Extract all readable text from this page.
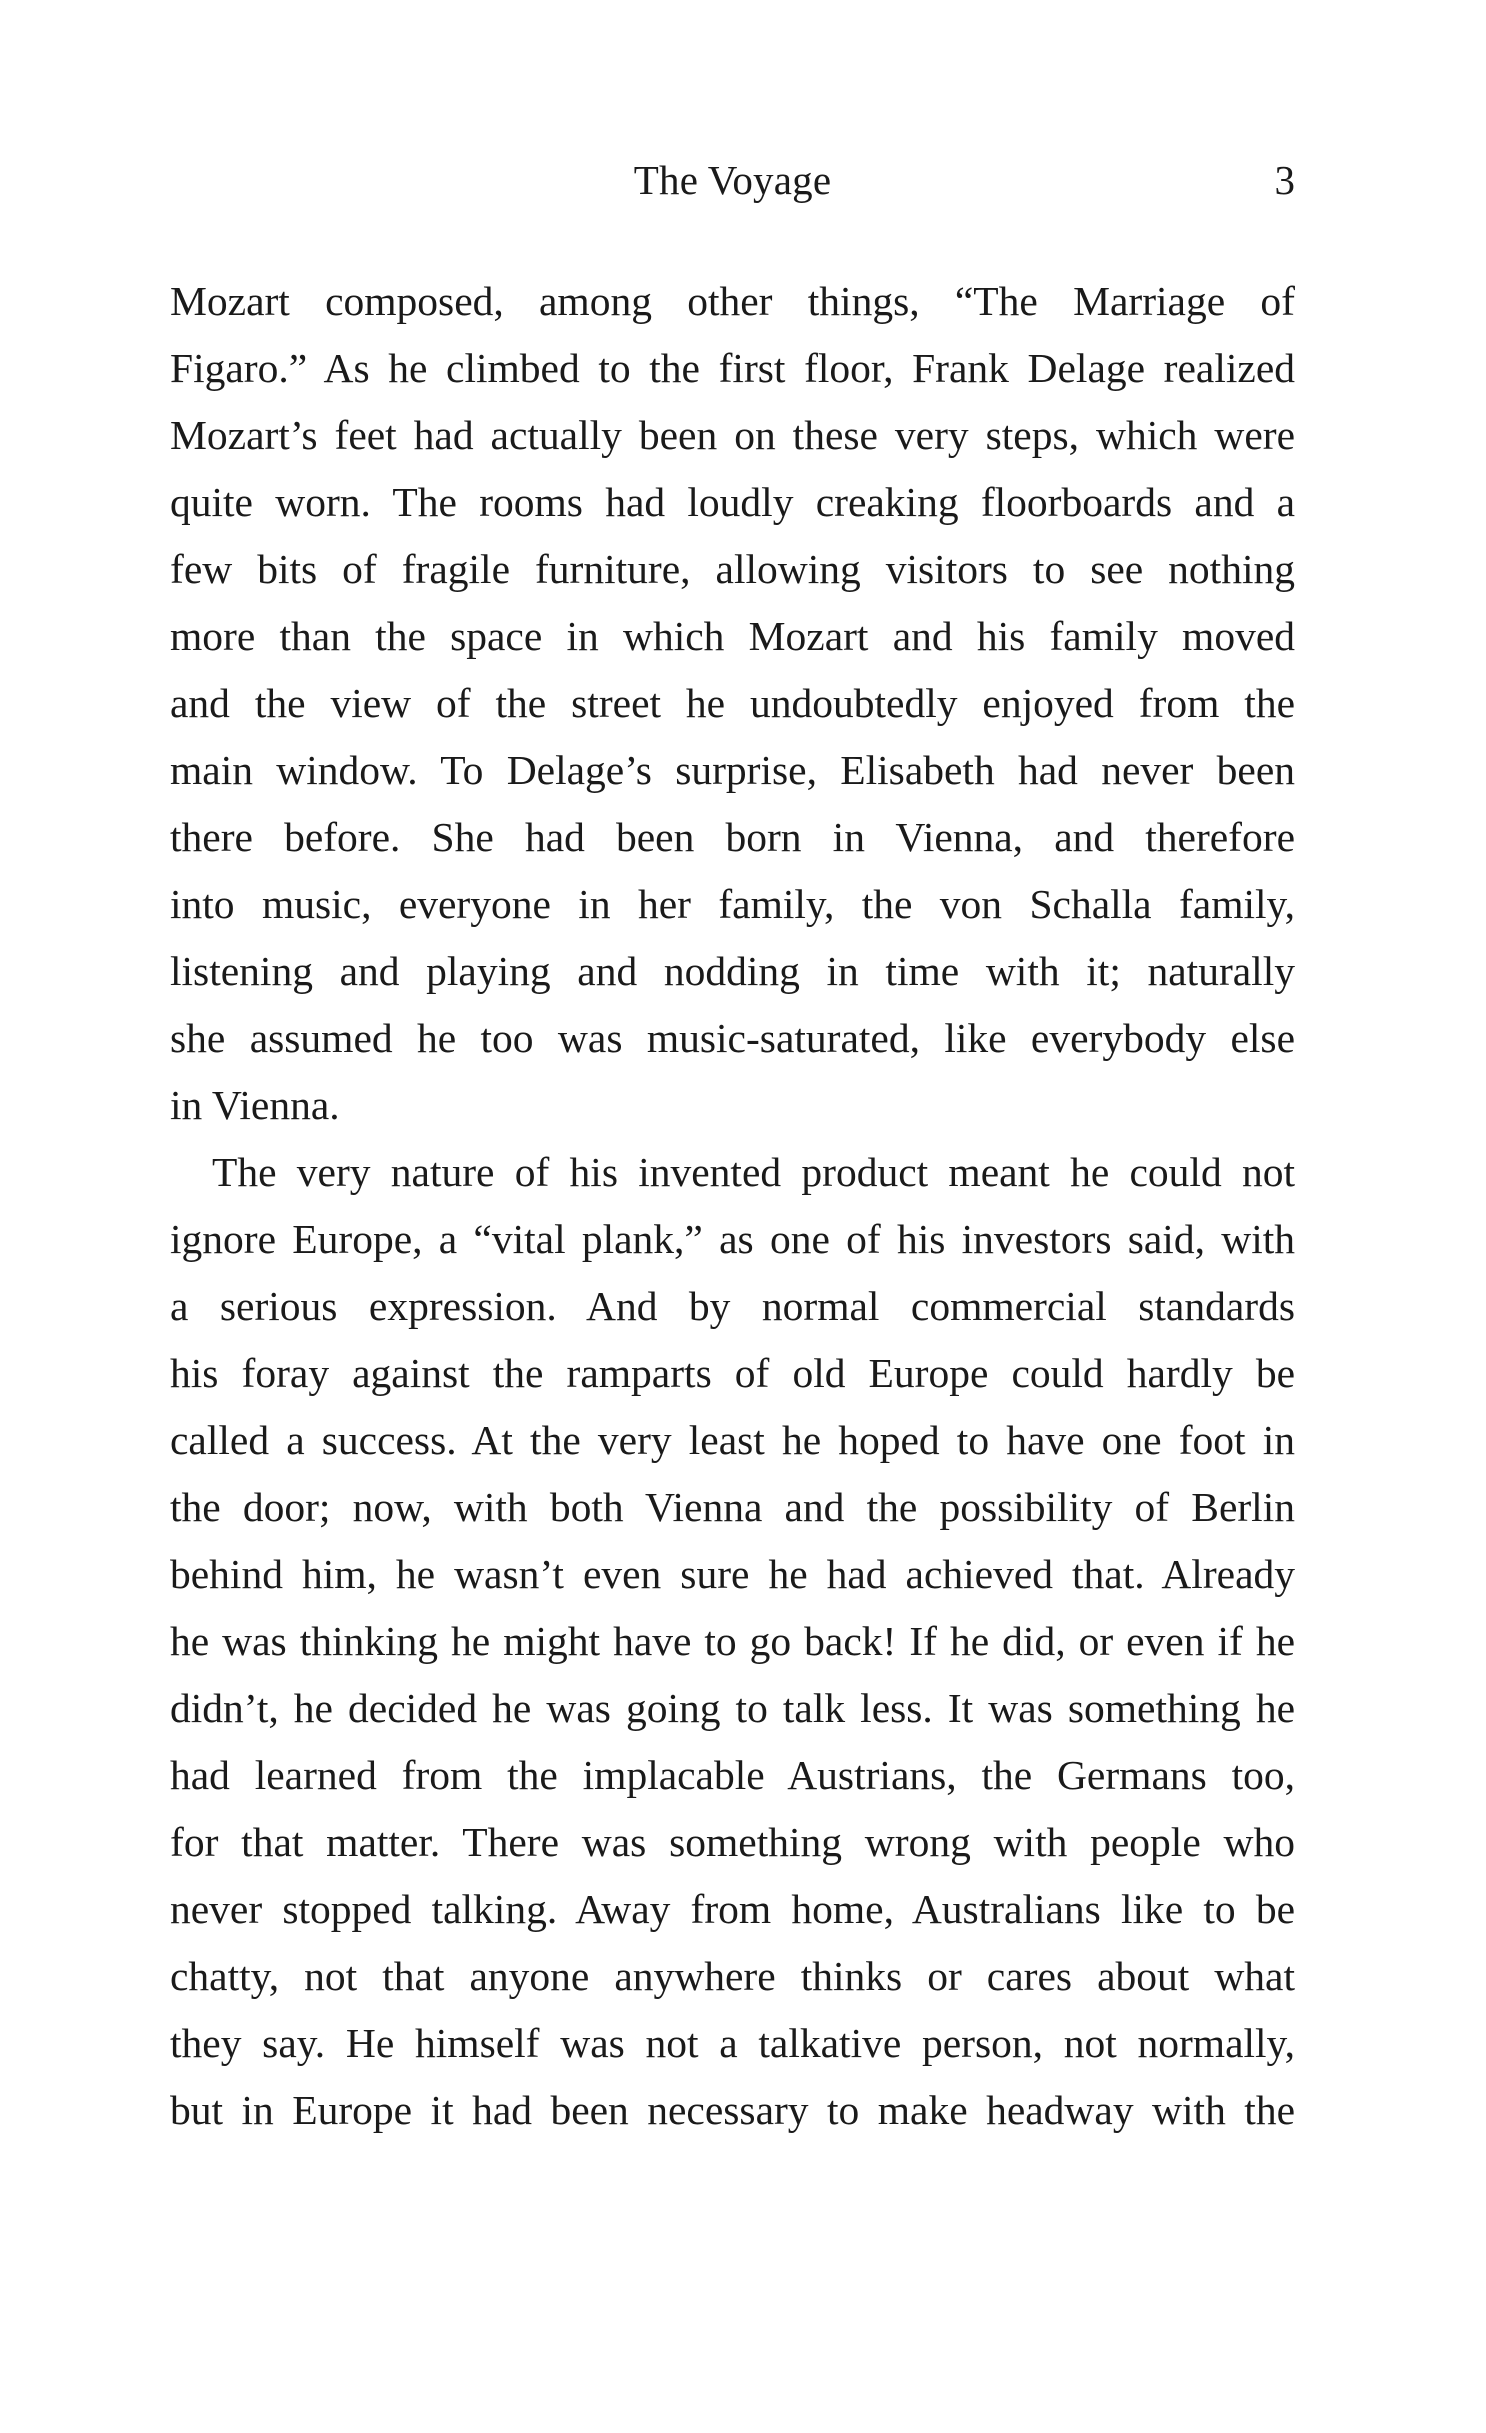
The Voyage	3
Mozart composed, among other things, “The Marriage of
Figaro.” As he climbed to the first floor, Frank Delage realized
Mozart’s feet had actually been on these very steps, which were
quite worn. The rooms had loudly creaking floorboards and a
few bits of fragile furniture, allowing visitors to see nothing
more than the space in which Mozart and his family moved
and the view of the street he undoubtedly enjoyed from the
main window. To Delage’s surprise, Elisabeth had never been
there before. She had been born in Vienna, and therefore
into music, everyone in her family, the von Schalla family,
listening and playing and nodding in time with it; naturally
she assumed he too was music-saturated, like everybody else
in Vienna.
The very nature of his invented product meant he could not
ignore Europe, a “vital plank,” as one of his investors said, with
a serious expression. And by normal commercial standards
his foray against the ramparts of old Europe could hardly be
called a success. At the very least he hoped to have one foot in
the door; now, with both Vienna and the possibility of Berlin
behind him, he wasn’t even sure he had achieved that. Already
he was thinking he might have to go back! If he did, or even if he
didn’t, he decided he was going to talk less. It was something he
had learned from the implacable Austrians, the Germans too,
for that matter. There was something wrong with people who
never stopped talking. Away from home, Australians like to be
chatty, not that anyone anywhere thinks or cares about what
they say. He himself was not a talkative person, not normally,
but in Europe it had been necessary to make headway with the
